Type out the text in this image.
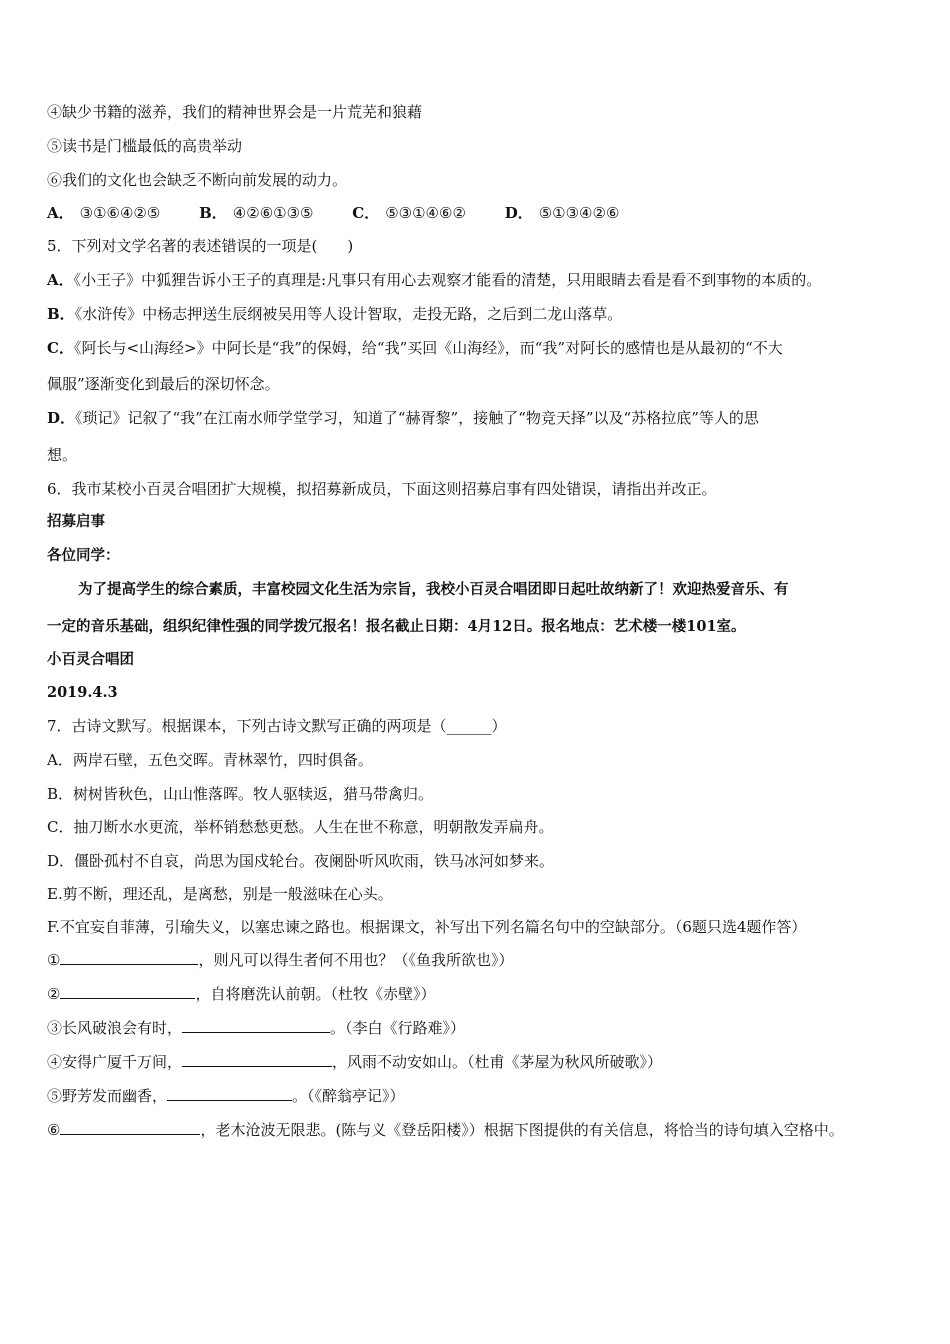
④缺少书籍的滋养，我们的精神世界会是一片荒芜和狼藉
⑤读书是门槛最低的高贵举动
⑥我们的文化也会缺乏不断向前发展的动力。
A． ③①⑥④②⑤	B． ④②⑥①③⑤	C． ⑤③①④⑥②	D． ⑤①③④②⑥
5．下列对文学名著的表述错误的一项是(　　)
A．《小王子》中狐狸告诉小王子的真理是:凡事只有用心去观察才能看的清楚，只用眼睛去看是看不到事物的本质的。
B．《水浒传》中杨志押送生辰纲被吴用等人设计智取，走投无路，之后到二龙山落草。
C．《阿长与<山海经>》中阿长是“我”的保姆，给“我”买回《山海经》，而“我”对阿长的感情也是从最初的“不大
佩服”逐渐变化到最后的深切怀念。
D．《琐记》记叙了“我”在江南水师学堂学习，知道了“赫胥黎”，接触了“物竞天择”以及“苏格拉底”等人的思
想。
6．我市某校小百灵合唱团扩大规模，拟招募新成员，下面这则招募启事有四处错误，请指出并改正。
招募启事
各位同学：
为了提高学生的综合素质，丰富校园文化生活为宗旨，我校小百灵合唱团即日起吐故纳新了！欢迎热爱音乐、有
一定的音乐基础，组织纪律性强的同学拨冗报名！报名截止日期：4月12日。报名地点：艺术楼一楼101室。
小百灵合唱团
2019.4.3
7．古诗文默写。根据课本，下列古诗文默写正确的两项是（______）
A．两岸石壁，五色交晖。青林翠竹，四时俱备。
B．树树皆秋色，山山惟落晖。牧人驱犊返，猎马带禽归。
C．抽刀断水水更流，举杯销愁愁更愁。人生在世不称意，明朝散发弄扁舟。
D．僵卧孤村不自哀，尚思为国戍轮台。夜阑卧听风吹雨，铁马冰河如梦来。
E.剪不断，理还乱，是离愁，别是一般滋味在心头。
F.不宜妄自菲薄，引瑜失义，以塞忠谏之路也。根据课文，补写出下列名篇名句中的空缺部分。（6题只选4题作答）
①	，则凡可以得生者何不用也？（《鱼我所欲也》）
②	，自将磨洗认前朝。（杜牧《赤壁》）
③长风破浪会有时，	。（李白《行路难》）
④安得广厦千万间，	，风雨不动安如山。（杜甫《茅屋为秋风所破歌》）
⑤野芳发而幽香，	。（《醉翁亭记》）
⑥	，老木沧波无限悲。(陈与义《登岳阳楼》）根据下图提供的有关信息，将恰当的诗句填入空格中。
